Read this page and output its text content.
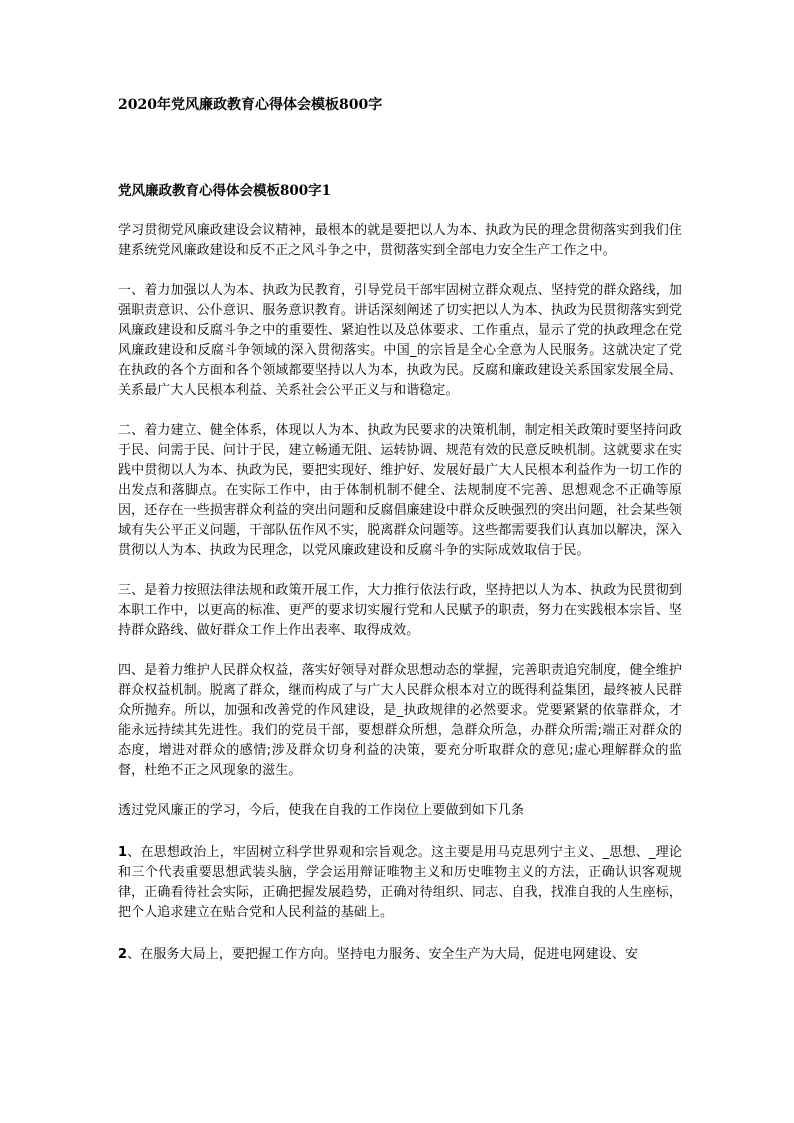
2020年党风廉政教育心得体会模板800字
党风廉政教育心得体会模板800字1

学习贯彻党风廉政建设会议精神，最根本的就是要把以人为本、执政为民的理念贯彻落实到我们住建系统党风廉政建设和反不正之风斗争之中，贯彻落实到全部电力安全生产工作之中。

一、着力加强以人为本、执政为民教育，引导党员干部牢固树立群众观点、坚持党的群众路线，加强职责意识、公仆意识、服务意识教育。讲话深刻阐述了切实把以人为本、执政为民贯彻落实到党风廉政建设和反腐斗争之中的重要性、紧迫性以及总体要求、工作重点，显示了党的执政理念在党风廉政建设和反腐斗争领域的深入贯彻落实。中国_的宗旨是全心全意为人民服务。这就决定了党在执政的各个方面和各个领域都要坚持以人为本，执政为民。反腐和廉政建设关系国家发展全局、关系最广大人民根本利益、关系社会公平正义与和谐稳定。

二、着力建立、健全体系，体现以人为本、执政为民要求的决策机制，制定相关政策时要坚持问政于民、问需于民、问计于民，建立畅通无阻、运转协调、规范有效的民意反映机制。这就要求在实践中贯彻以人为本、执政为民，要把实现好、维护好、发展好最广大人民根本利益作为一切工作的出发点和落脚点。在实际工作中，由于体制机制不健全、法规制度不完善、思想观念不正确等原因，还存在一些损害群众利益的突出问题和反腐倡廉建设中群众反映强烈的突出问题，社会某些领域有失公平正义问题，干部队伍作风不实，脱离群众问题等。这些都需要我们认真加以解决，深入贯彻以人为本、执政为民理念，以党风廉政建设和反腐斗争的实际成效取信于民。

三、是着力按照法律法规和政策开展工作，大力推行依法行政，坚持把以人为本、执政为民贯彻到本职工作中，以更高的标准、更严的要求切实履行党和人民赋予的职责，努力在实践根本宗旨、坚持群众路线、做好群众工作上作出表率、取得成效。

四、是着力维护人民群众权益，落实好领导对群众思想动态的掌握，完善职责追究制度，健全维护群众权益机制。脱离了群众，继而构成了与广大人民群众根本对立的既得利益集团，最终被人民群众所抛弃。所以，加强和改善党的作风建设，是_执政规律的必然要求。党要紧紧的依靠群众，才能永远持续其先进性。我们的党员干部，要想群众所想，急群众所急，办群众所需;端正对群众的态度，增进对群众的感情;涉及群众切身利益的决策，要充分听取群众的意见;虚心理解群众的监督，杜绝不正之风现象的滋生。

透过党风廉正的学习，今后，使我在自我的工作岗位上要做到如下几条

1、在思想政治上，牢固树立科学世界观和宗旨观念。这主要是用马克思列宁主义、_思想、_理论和三个代表重要思想武装头脑，学会运用辩证唯物主义和历史唯物主义的方法，正确认识客观规律，正确看待社会实际，正确把握发展趋势，正确对待组织、同志、自我，找准自我的人生座标，把个人追求建立在贴合党和人民利益的基础上。

2、在服务大局上，要把握工作方向。坚持电力服务、安全生产为大局，促进电网建设、安
